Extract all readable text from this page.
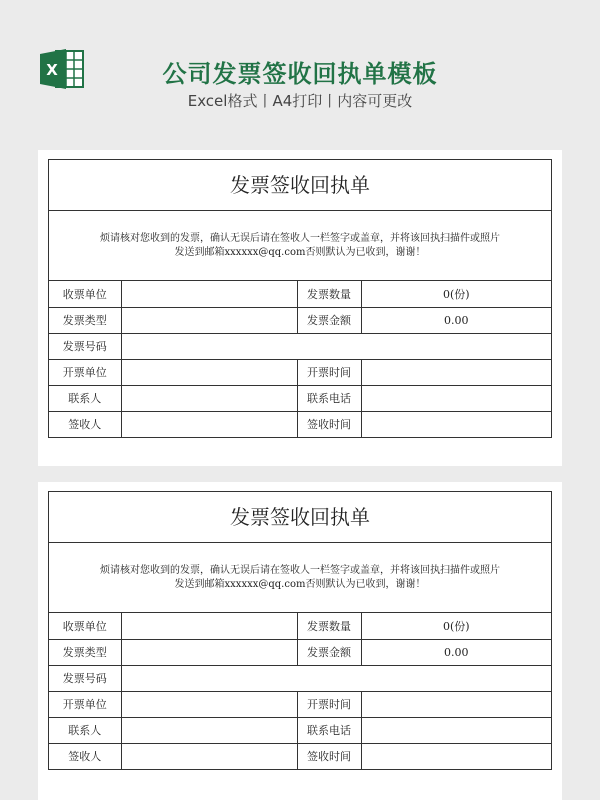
X	公司发票签收回执单模板
Excel格式丨A4打印丨内容可更改
发票签收回执单
烦请核对您收到的发票，确认无误后请在签收人一栏签字或盖章，并将该回执扫描件或照片
发送到邮箱xxxxxx@qq.com否则默认为已收到，谢谢！
收票单位		发票数量	0(份)
发票类型		发票金额	0.00
发票号码			
开票单位		开票时间	
联系人		联系电话	
签收人		签收时间	
发票签收回执单
烦请核对您收到的发票，确认无误后请在签收人一栏签字或盖章，并将该回执扫描件或照片
发送到邮箱xxxxxx@qq.com否则默认为已收到，谢谢！
收票单位		发票数量	0(份)
发票类型		发票金额	0.00
发票号码			
开票单位		开票时间	
联系人		联系电话	
签收人		签收时间	
